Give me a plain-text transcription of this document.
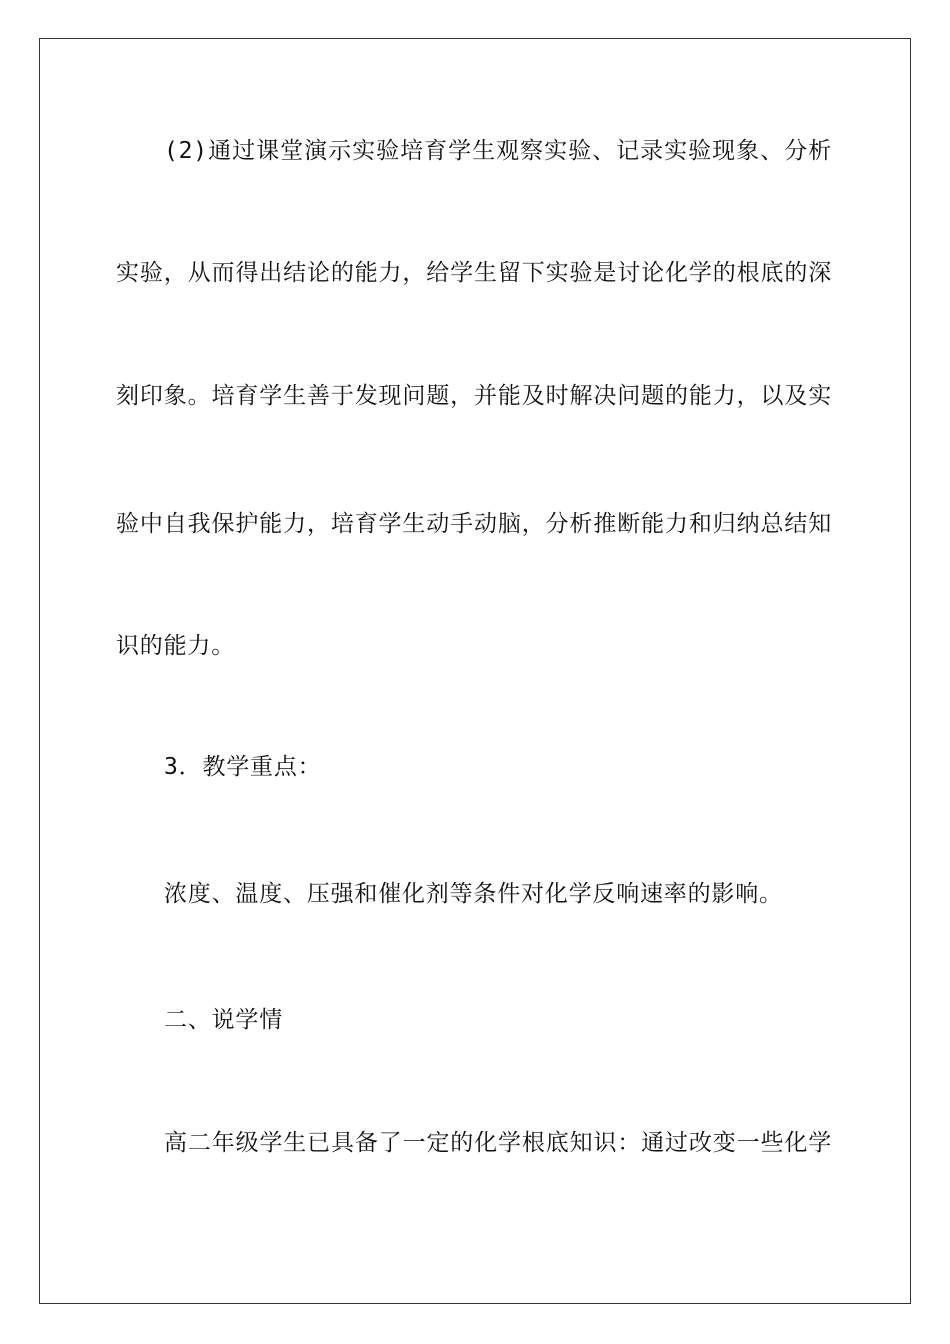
(2)通过课堂演示实验培育学生观察实验、记录实验现象、分析
实验，从而得出结论的能力，给学生留下实验是讨论化学的根底的深
刻印象。培育学生善于发现问题，并能及时解决问题的能力，以及实
验中自我保护能力，培育学生动手动脑，分析推断能力和归纳总结知
识的能力。
3．教学重点：
浓度、温度、压强和催化剂等条件对化学反响速率的影响。
二、说学情
高二年级学生已具备了一定的化学根底知识：通过改变一些化学
